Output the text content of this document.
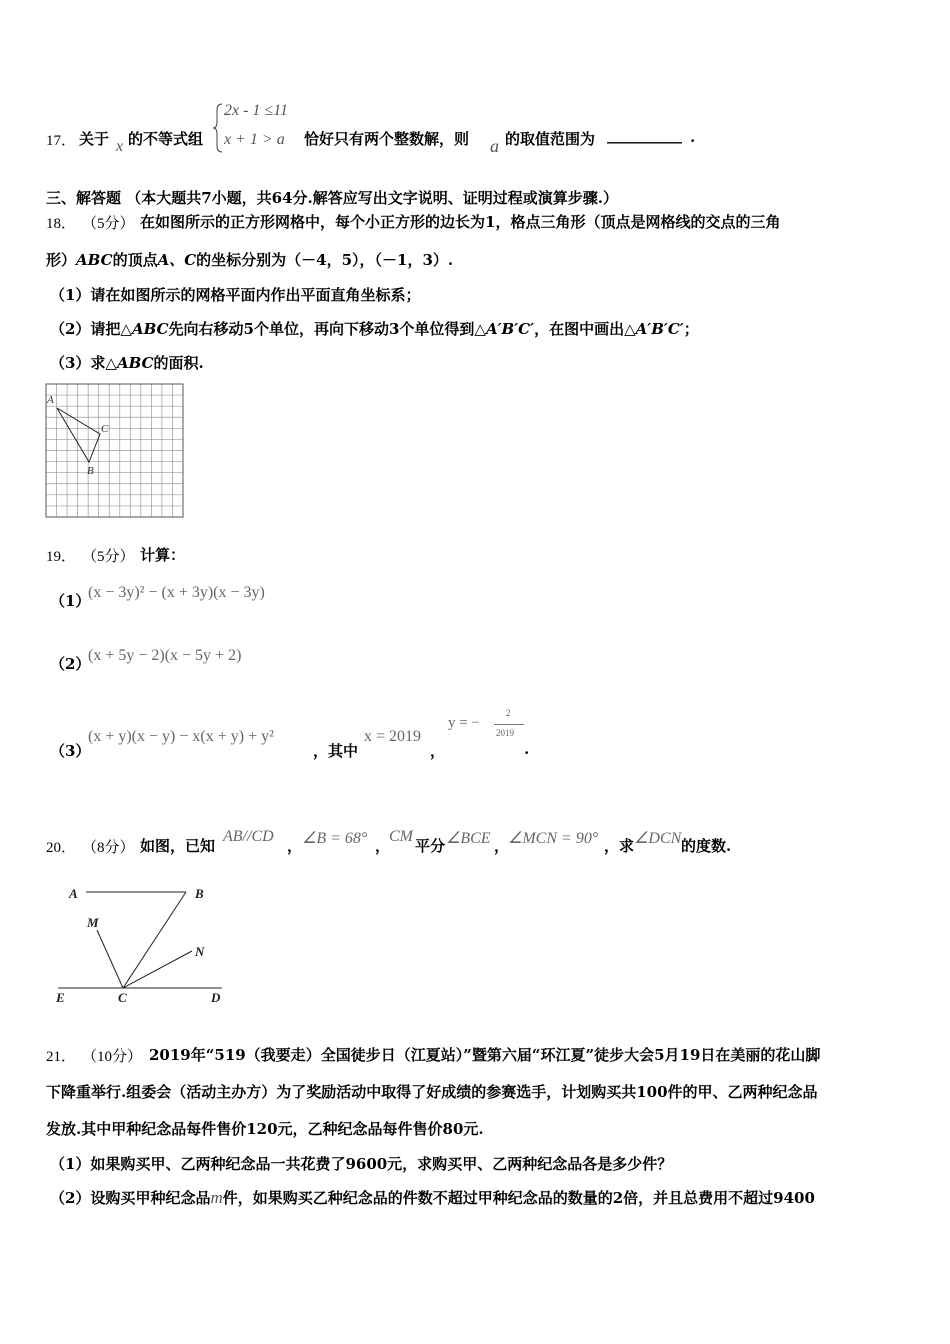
17． 关于 x 的不等式组
2x - 1 ≤11
x + 1 > a 恰好只有两个整数解，则 a 的取值范围为 __________ .
三、解答题 （本大题共7小题，共64分.解答应写出文字说明、证明过程或演算步骤.）
18． （5分） 在如图所示的正方形网格中，每个小正方形的边长为1，格点三角形（顶点是网格线的交点的三角
形）ABC的顶点A、C的坐标分别为（－4，5），（－1，3）.
（1）请在如图所示的网格平面内作出平面直角坐标系；
（2）请把△ABC先向右移动5个单位，再向下移动3个单位得到△A′B′C′，在图中画出△A′B′C′；
（3）求△ABC的面积.
A
C
B
19． （5分） 计算：
（1）
(x − 3y)² − (x + 3y)(x − 3y)
（2）
(x + 5y − 2)(x − 5y + 2)
（3）
(x + y)(x − y) − x(x + y) + y²
，其中
x = 2019
，
y = −
2
2019
.
20． （8分） 如图，已知
AB//CD
， ∠B = 68° ，
CM
平分 ∠BCE ，
∠MCN = 90° ，求 ∠DCN 的度数.
A	B
M
N
E	C	D
21． （10分） 2019年“519（我要走）全国徒步日（江夏站）”暨第六届“环江夏”徒步大会5月19日在美丽的花山脚
下降重举行.组委会（活动主办方）为了奖励活动中取得了好成绩的参赛选手，计划购买共100件的甲、乙两种纪念品
发放.其中甲种纪念品每件售价120元，乙种纪念品每件售价80元.
（1）如果购买甲、乙两种纪念品一共花费了9600元，求购买甲、乙两种纪念品各是多少件？
（2）设购买甲种纪念品m件，如果购买乙种纪念品的件数不超过甲种纪念品的数量的2倍，并且总费用不超过9400
